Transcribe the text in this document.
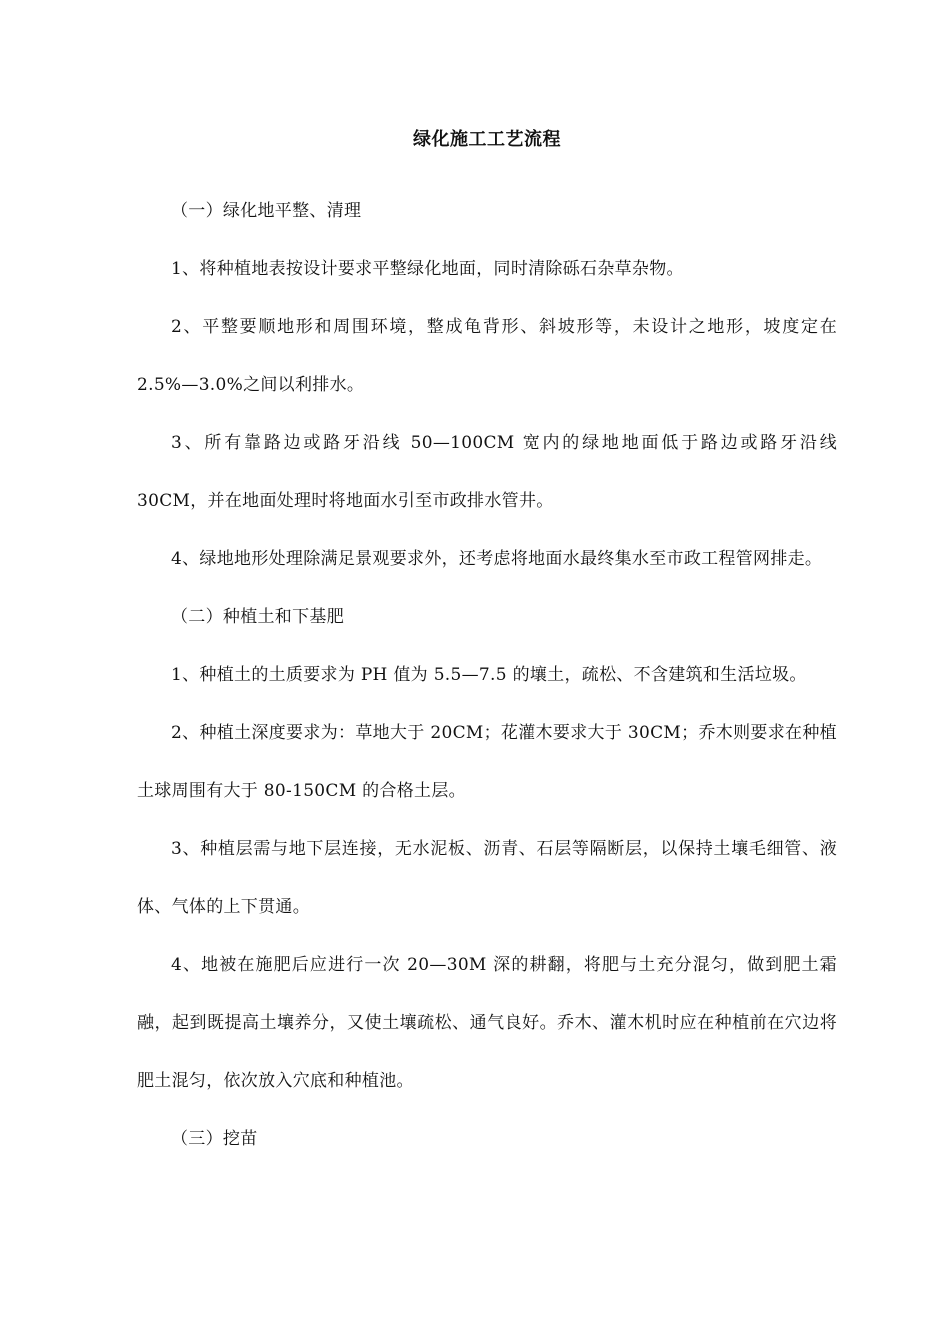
绿化施工工艺流程

（一）绿化地平整、清理

1、将种植地表按设计要求平整绿化地面，同时清除砾石杂草杂物。

2、平整要顺地形和周围环境，整成龟背形、斜坡形等，未设计之地形，坡度定在 2.5%—3.0%之间以利排水。

3、所有靠路边或路牙沿线 50—100CM 宽内的绿地地面低于路边或路牙沿线 30CM，并在地面处理时将地面水引至市政排水管井。

4、绿地地形处理除满足景观要求外，还考虑将地面水最终集水至市政工程管网排走。

（二）种植土和下基肥

1、种植土的土质要求为 PH 值为 5.5—7.5 的壤土，疏松、不含建筑和生活垃圾。

2、种植土深度要求为：草地大于 20CM；花灌木要求大于 30CM；乔木则要求在种植土球周围有大于 80-150CM 的合格土层。

3、种植层需与地下层连接，无水泥板、沥青、石层等隔断层，以保持土壤毛细管、液体、气体的上下贯通。

4、地被在施肥后应进行一次 20—30M 深的耕翻，将肥与土充分混匀，做到肥土霜融，起到既提高土壤养分，又使土壤疏松、通气良好。乔木、灌木机时应在种植前在穴边将肥土混匀，依次放入穴底和种植池。

（三）挖苗
